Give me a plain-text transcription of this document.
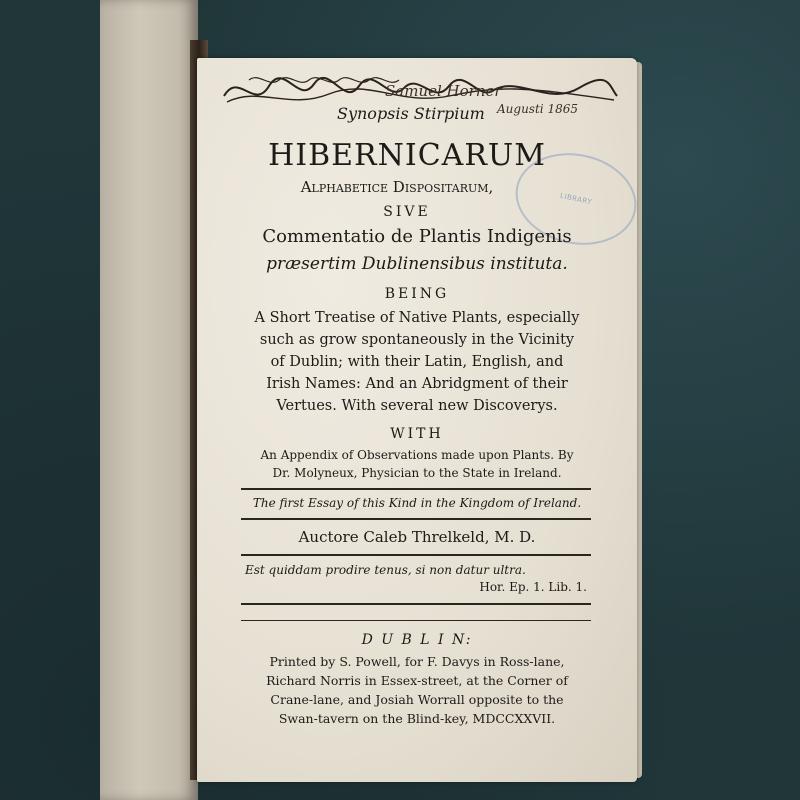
Samuel Horner
Augusti 1865
LIBRARY
Synopsis Stirpium
HIBERNICARUM
Alphabetice Dispositarum,
SIVE
Commentatio de Plantis Indigenis
præsertim Dublinensibus instituta.
BEING
A Short Treatise of Native Plants, especially
such as grow spontaneously in the Vicinity
of Dublin; with their Latin, English, and
Irish Names: And an Abridgment of their
Vertues. With several new Discoverys.
WITH
An Appendix of Observations made upon Plants. By
Dr. Molyneux, Physician to the State in Ireland.
The first Essay of this Kind in the Kingdom of Ireland.
Auctore Caleb Threlkeld, M. D.
Est quiddam prodire tenus, si non datur ultra.
Hor. Ep. 1. Lib. 1.
D U B L I N:
Printed by S. Powell, for F. Davys in Ross-lane,
Richard Norris in Essex-street, at the Corner of
Crane-lane, and Josiah Worrall opposite to the
Swan-tavern on the Blind-key, MDCCXXVII.
